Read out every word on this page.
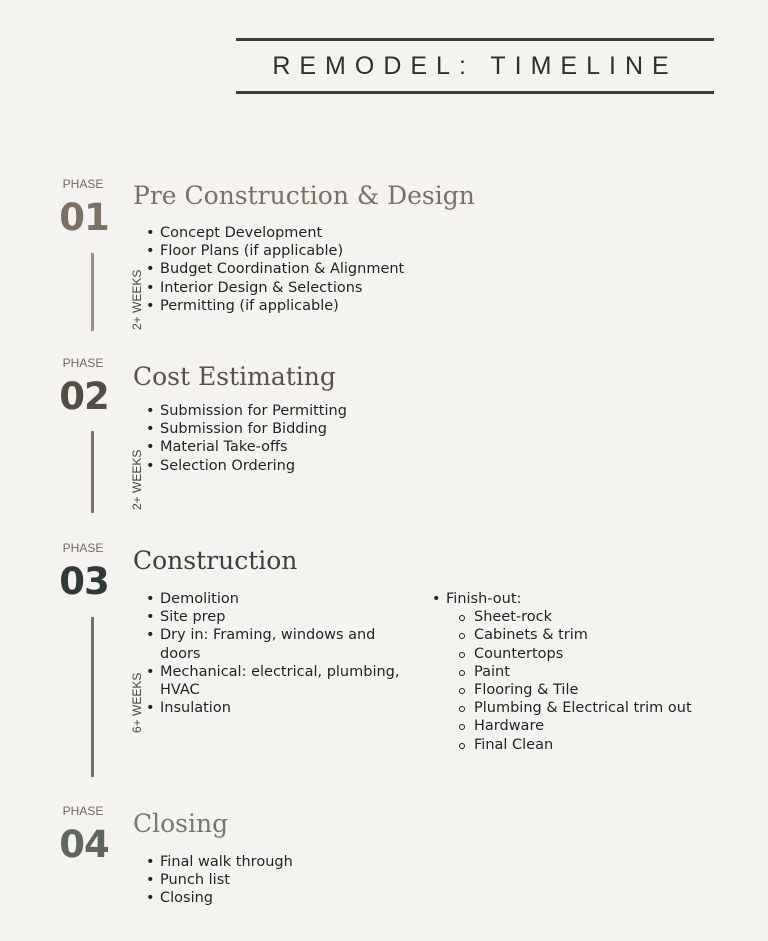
REMODEL: TIMELINE
PHASE
01
2+ WEEKS
Pre Construction & Design
• Concept Development
• Floor Plans (if applicable)
• Budget Coordination & Alignment
• Interior Design & Selections
• Permitting (if applicable)
PHASE
02
2+ WEEKS
Cost Estimating
• Submission for Permitting
• Submission for Bidding
• Material Take-offs
• Selection Ordering
PHASE
03
6+ WEEKS
Construction
• Demolition
• Site prep
• Dry in: Framing, windows and
doors
• Mechanical: electrical, plumbing,
HVAC
• Insulation
• Finish-out:
Sheet-rock
Cabinets & trim
Countertops
Paint
Flooring & Tile
Plumbing & Electrical trim out
Hardware
Final Clean
PHASE
04 Closing
• Final walk through
• Punch list
• Closing
